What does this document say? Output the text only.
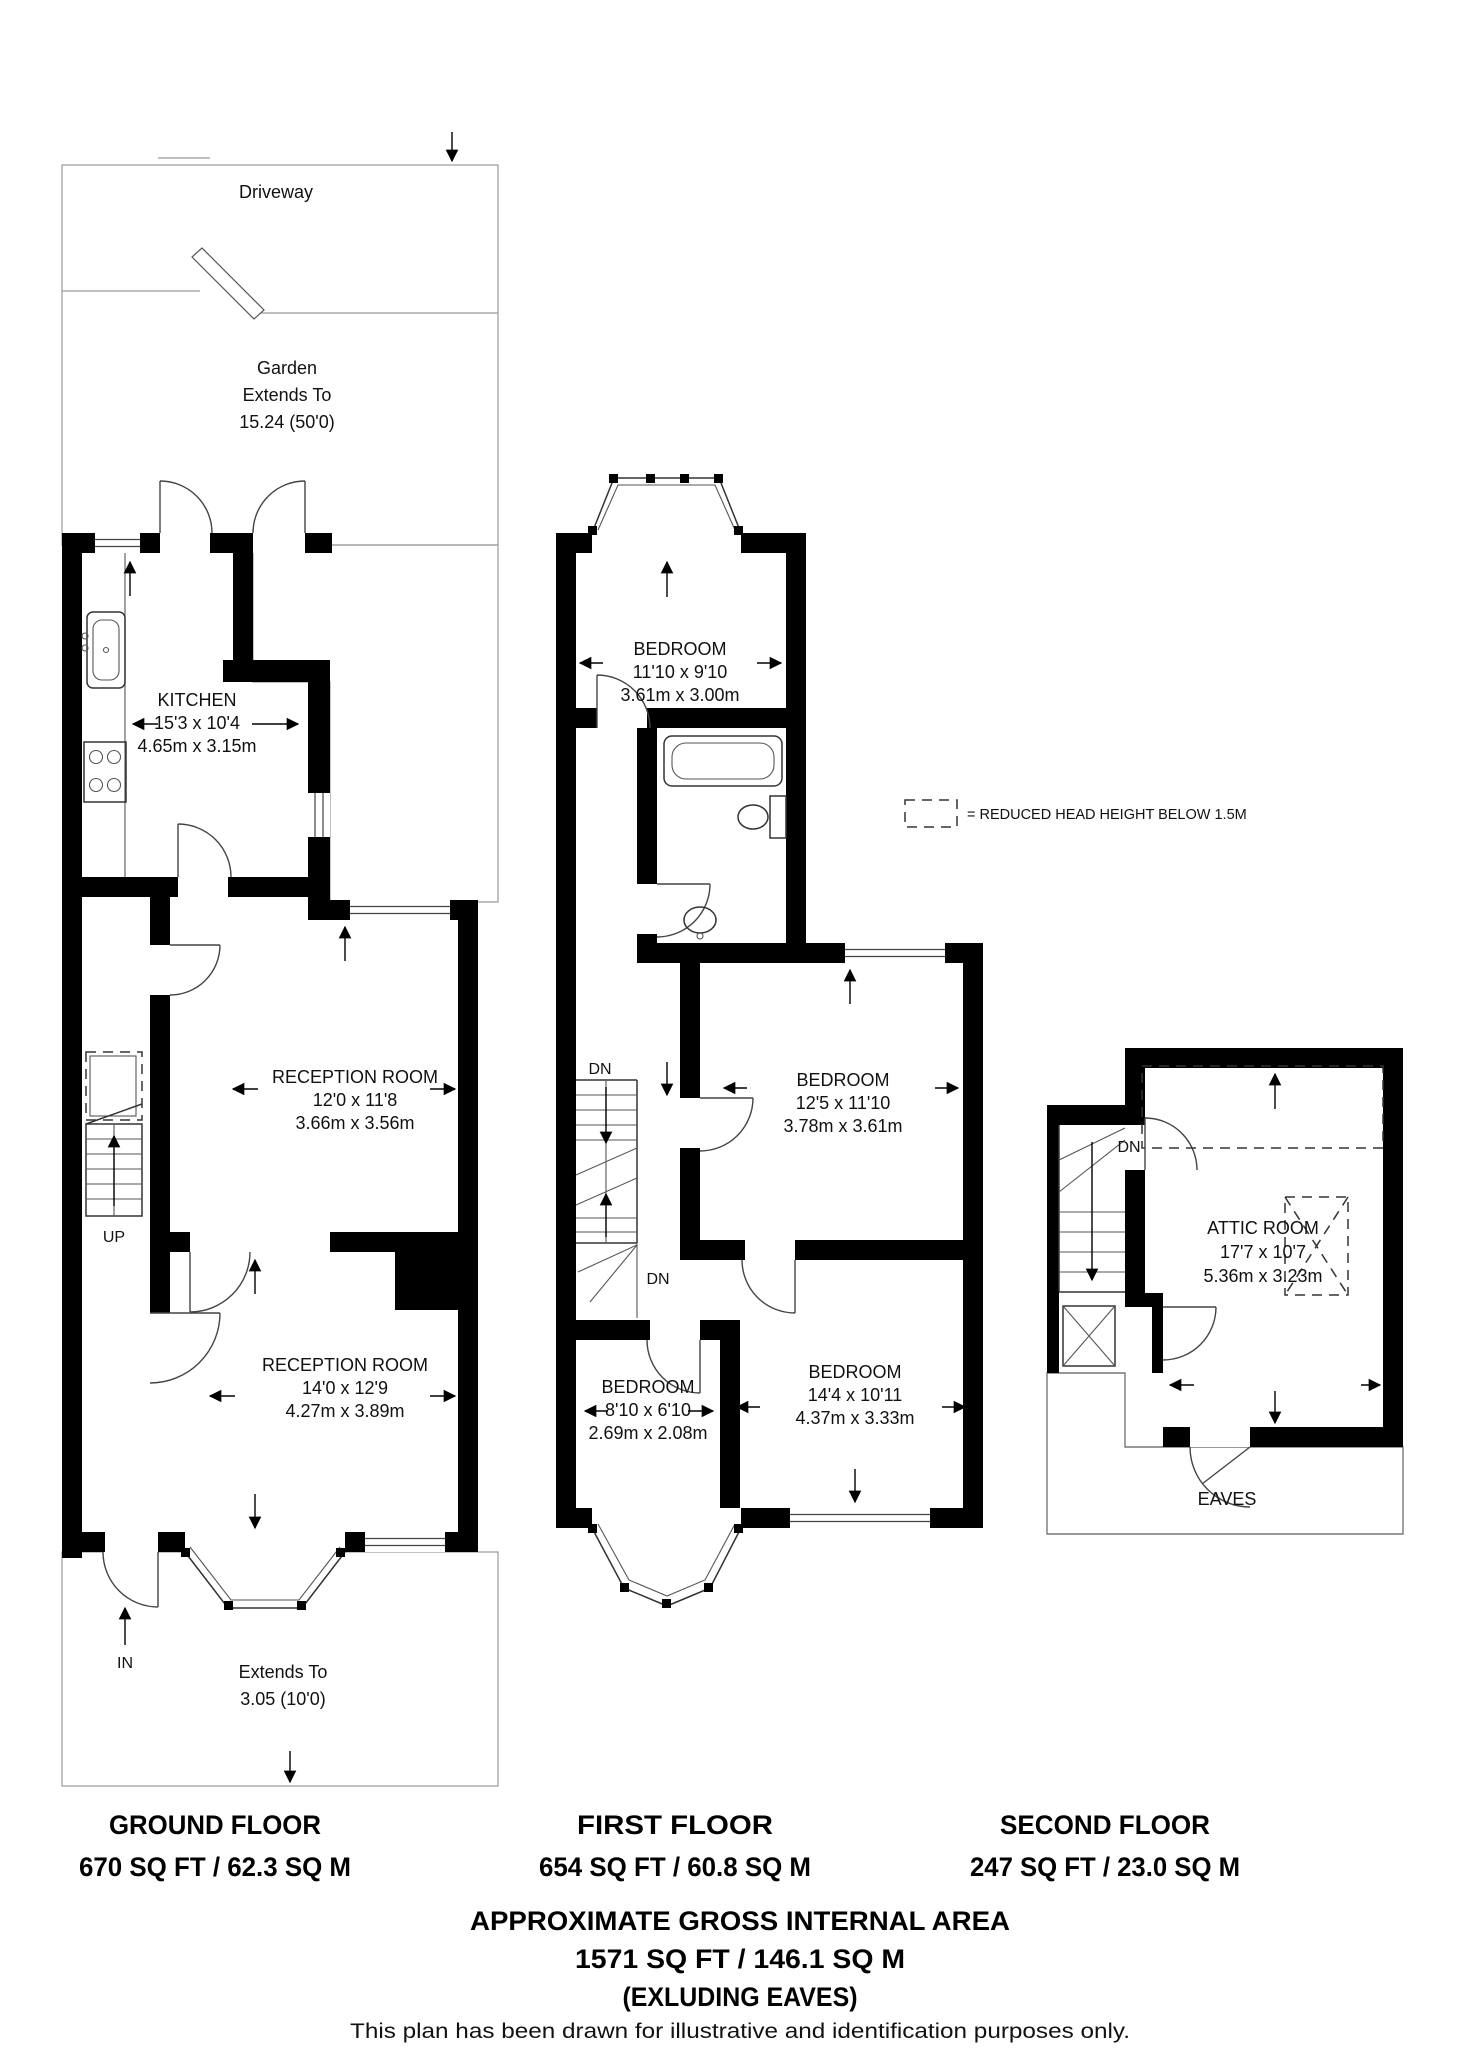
Driveway
Garden
Extends To
15.24 (50'0)
KITCHEN
15'3 x 10'4
4.65m x 3.15m
RECEPTION ROOM
12'0 x 11'8
3.66m x 3.56m
RECEPTION ROOM
14'0 x 12'9
4.27m x 3.89m
UP
IN	Extends To
3.05 (10'0)
BEDROOM
11'10 x 9'10
3.61m x 3.00m
DN
DN
BEDROOM
12'5 x 11'10
3.78m x 3.61m
BEDROOM
8'10 x 6'10
2.69m x 2.08m
BEDROOM
14'4 x 10'11
4.37m x 3.33m
DN
ATTIC ROOM
17'7 x 10'7
5.36m x 3.23m
EAVES
= REDUCED HEAD HEIGHT BELOW 1.5M
GROUND FLOOR
670 SQ FT / 62.3 SQ M
FIRST FLOOR
654 SQ FT / 60.8 SQ M
SECOND FLOOR
247 SQ FT / 23.0 SQ M
APPROXIMATE GROSS INTERNAL AREA
1571 SQ FT / 146.1 SQ M
(EXLUDING EAVES)
This plan has been drawn for illustrative and identification purposes only.
